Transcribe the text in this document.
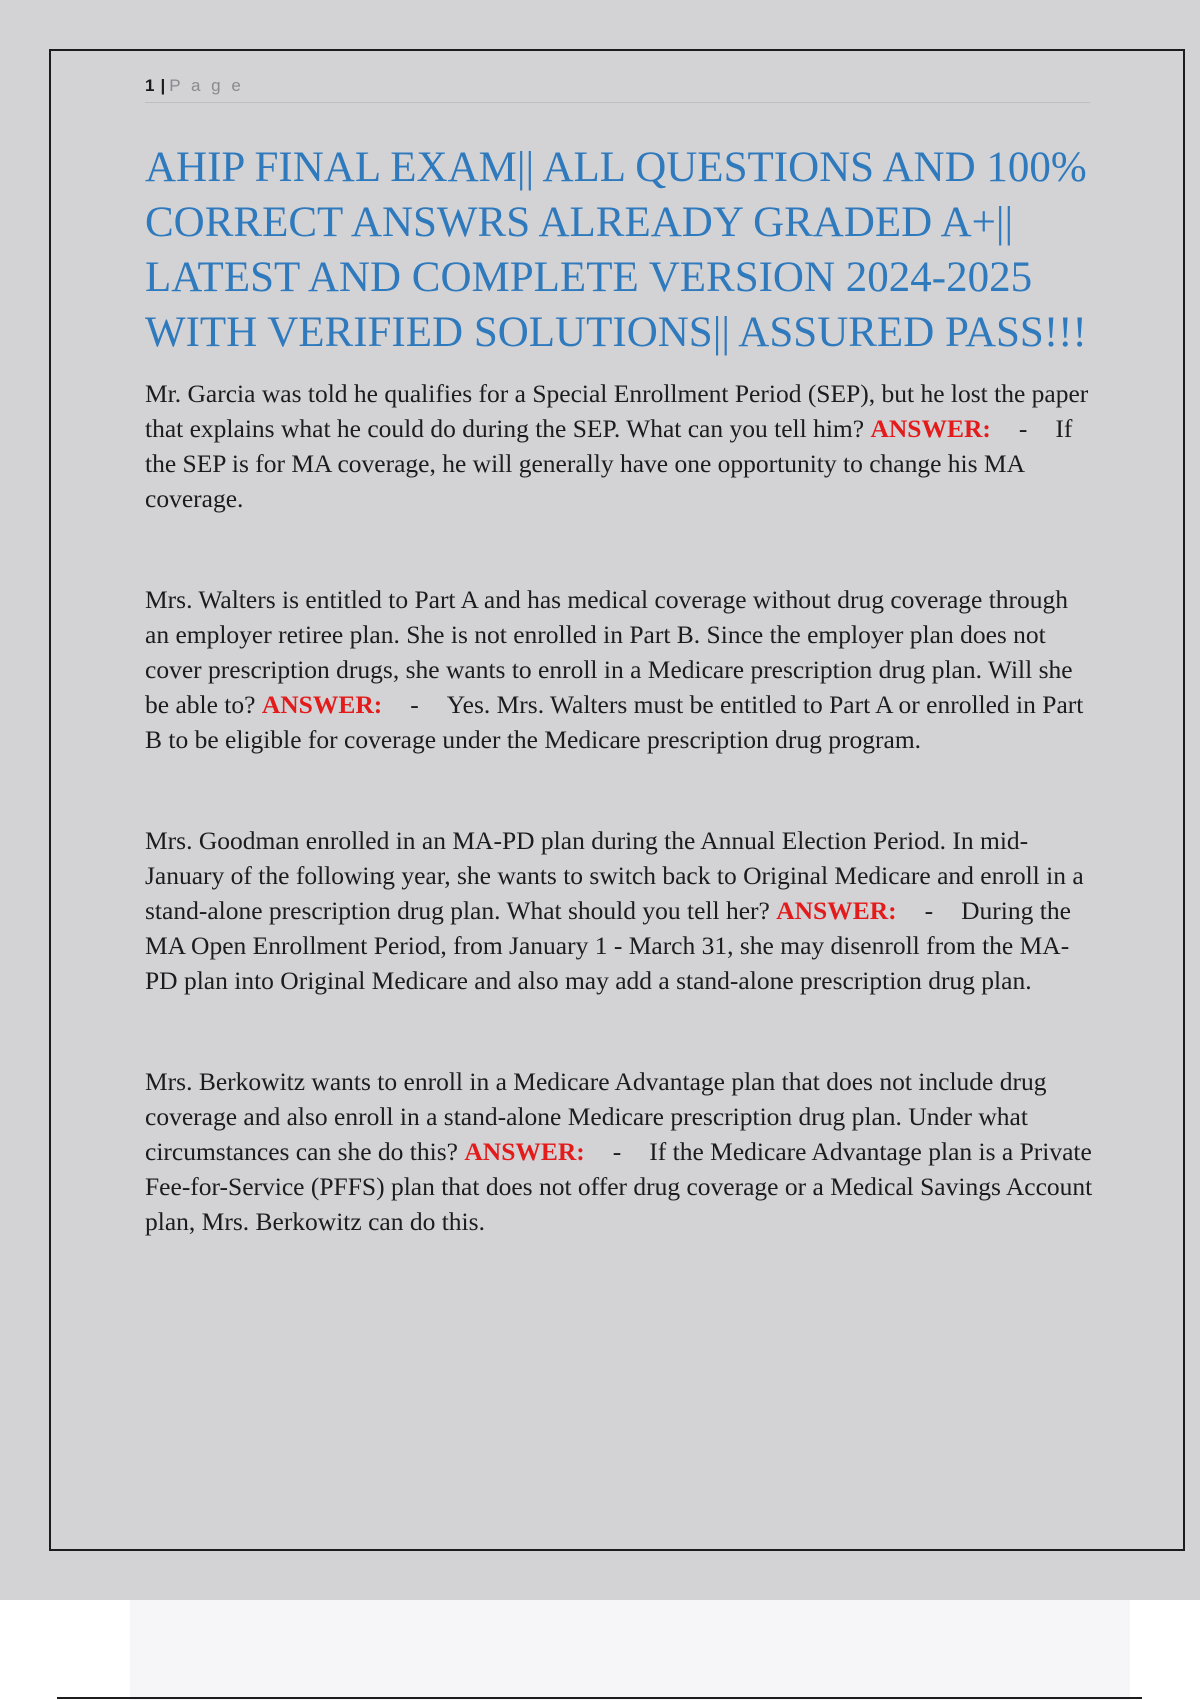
1 | P a g e
AHIP FINAL EXAM|| ALL QUESTIONS AND 100% CORRECT ANSWRS ALREADY GRADED A+|| LATEST AND COMPLETE VERSION 2024-2025 WITH VERIFIED SOLUTIONS|| ASSURED PASS!!!

Mr. Garcia was told he qualifies for a Special Enrollment Period (SEP), but he lost the paper that explains what he could do during the SEP. What can you tell him? ANSWER: - If the SEP is for MA coverage, he will generally have one opportunity to change his MA coverage.

Mrs. Walters is entitled to Part A and has medical coverage without drug coverage through an employer retiree plan. She is not enrolled in Part B. Since the employer plan does not cover prescription drugs, she wants to enroll in a Medicare prescription drug plan. Will she be able to? ANSWER: - Yes. Mrs. Walters must be entitled to Part A or enrolled in Part B to be eligible for coverage under the Medicare prescription drug program.

Mrs. Goodman enrolled in an MA-PD plan during the Annual Election Period. In mid-January of the following year, she wants to switch back to Original Medicare and enroll in a stand-alone prescription drug plan. What should you tell her? ANSWER: - During the MA Open Enrollment Period, from January 1 - March 31, she may disenroll from the MA-PD plan into Original Medicare and also may add a stand-alone prescription drug plan.

Mrs. Berkowitz wants to enroll in a Medicare Advantage plan that does not include drug coverage and also enroll in a stand-alone Medicare prescription drug plan. Under what circumstances can she do this? ANSWER: - If the Medicare Advantage plan is a Private Fee-for-Service (PFFS) plan that does not offer drug coverage or a Medical Savings Account plan, Mrs. Berkowitz can do this.
